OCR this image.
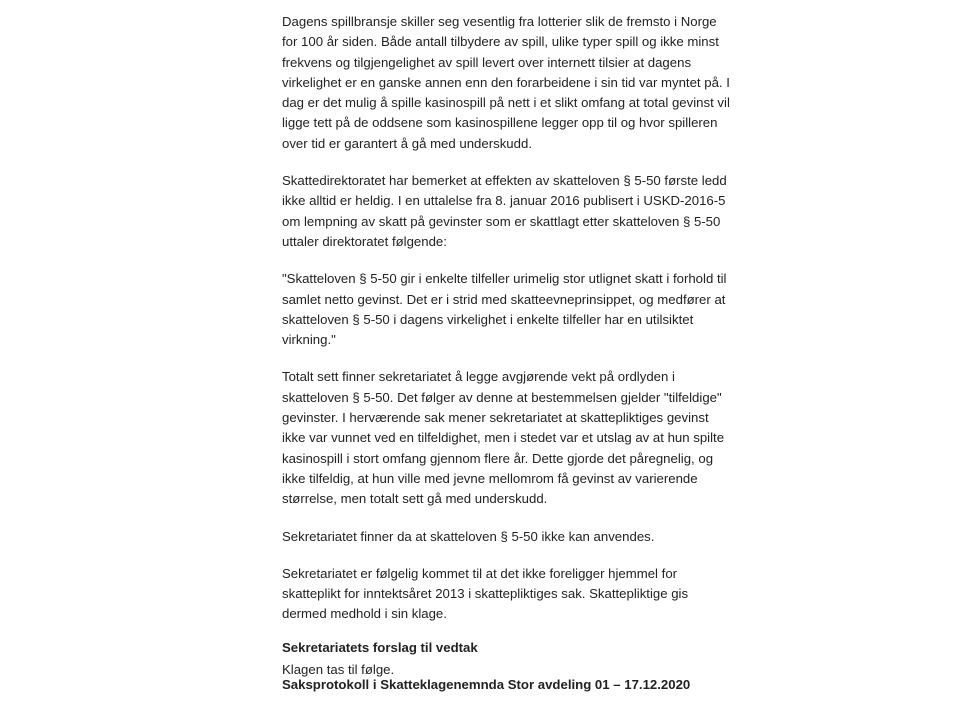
Dagens spillbransje skiller seg vesentlig fra lotterier slik de fremsto i Norge
for 100 år siden. Både antall tilbydere av spill, ulike typer spill og ikke minst
frekvens og tilgjengelighet av spill levert over internett tilsier at dagens
virkelighet er en ganske annen enn den forarbeidene i sin tid var myntet på. I
dag er det mulig å spille kasinospill på nett i et slikt omfang at total gevinst vil
ligge tett på de oddsene som kasinospillene legger opp til og hvor spilleren
over tid er garantert å gå med underskudd.

Skattedirektoratet har bemerket at effekten av skatteloven § 5-50 første ledd
ikke alltid er heldig. I en uttalelse fra 8. januar 2016 publisert i USKD-2016-5
om lempning av skatt på gevinster som er skattlagt etter skatteloven § 5-50
uttaler direktoratet følgende:

"Skatteloven § 5-50 gir i enkelte tilfeller urimelig stor utlignet skatt i forhold til
samlet netto gevinst. Det er i strid med skatteevneprinsippet, og medfører at
skatteloven § 5-50 i dagens virkelighet i enkelte tilfeller har en utilsiktet
virkning."

Totalt sett finner sekretariatet å legge avgjørende vekt på ordlyden i
skatteloven § 5-50. Det følger av denne at bestemmelsen gjelder "tilfeldige"
gevinster. I herværende sak mener sekretariatet at skattepliktiges gevinst
ikke var vunnet ved en tilfeldighet, men i stedet var et utslag av at hun spilte
kasinospill i stort omfang gjennom flere år. Dette gjorde det påregnelig, og
ikke tilfeldig, at hun ville med jevne mellomrom få gevinst av varierende
størrelse, men totalt sett gå med underskudd.

Sekretariatet finner da at skatteloven § 5-50 ikke kan anvendes.

Sekretariatet er følgelig kommet til at det ikke foreligger hjemmel for
skatteplikt for inntektsåret 2013 i skattepliktiges sak. Skattepliktige gis
dermed medhold i sin klage.

Sekretariatets forslag til vedtak
Klagen tas til følge.
Saksprotokoll i Skatteklagenemnda Stor avdeling 01 – 17.12.2020
